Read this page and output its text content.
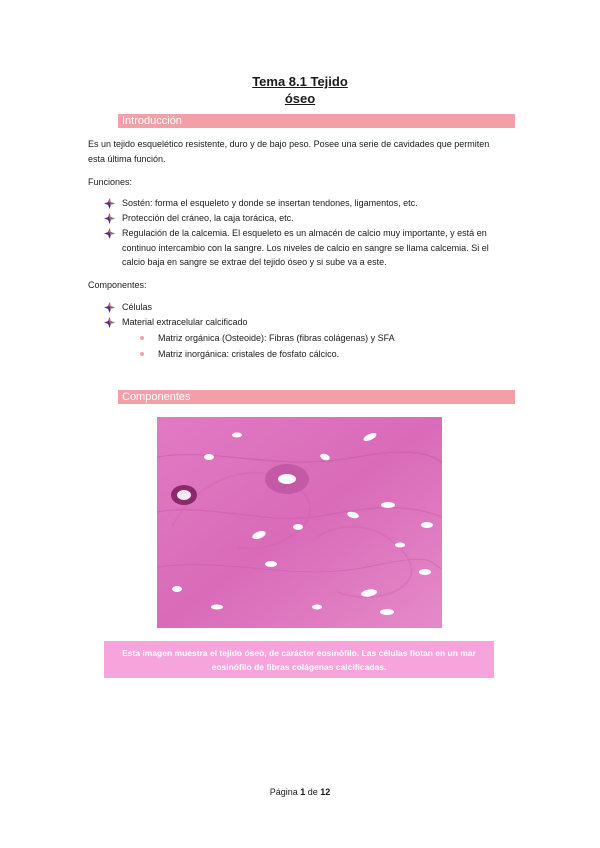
Tema 8.1 Tejido
óseo
Introducción
Es un tejido esquelético resistente, duro y de bajo peso. Posee una serie de cavidades que permiten esta última función.
Funciones:
Sostén: forma el esqueleto y donde se insertan tendones, ligamentos, etc.
Protección del cráneo, la caja torácica, etc.
Regulación de la calcemia. El esqueleto es un almacén de calcio muy importante, y está en continuo intercambio con la sangre. Los niveles de calcio en sangre se llama calcemia. Si el calcio baja en sangre se extrae del tejido óseo y si sube va a este.
Componentes:
Células
Material extracelular calcificado
Matriz orgánica (Osteoide): Fibras (fibras colágenas) y SFA
Matriz inorgánica: cristales de fosfato cálcico.
Componentes
Esta imagen muestra el tejido óseo, de carácter eosinófilo. Las células flotan en un mar eosinófilo de fibras colágenas calcificadas.
Página 1 de 12
